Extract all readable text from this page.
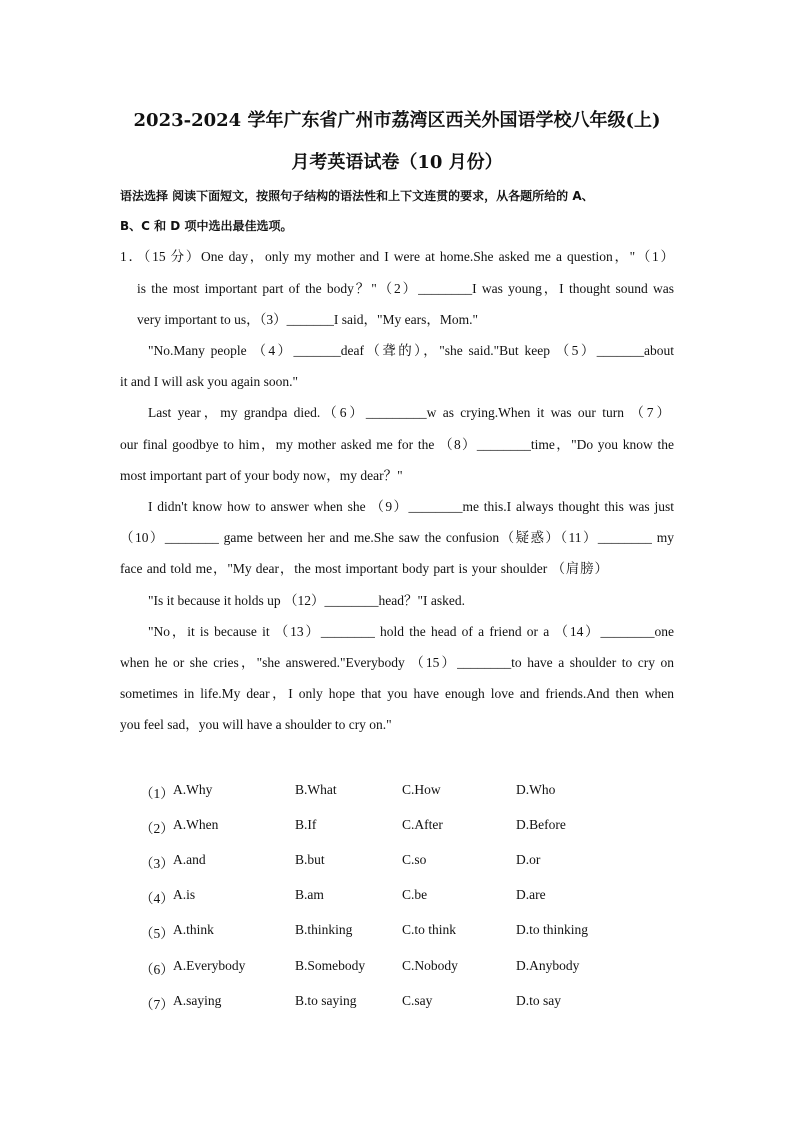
2023-2024 学年广东省广州市荔湾区西关外国语学校八年级(上)
月考英语试卷（10 月份）
语法选择 阅读下面短文，按照句子结构的语法性和上下文连贯的要求，从各题所给的 A、
B、C 和 D 项中选出最佳选项。
1．（15 分）One day，only my mother and I were at home.She asked me a question，"（1）
is the most important part of the body？"（2）________I was young，I thought sound was
very important to us，（3）_______I said，"My ears，Mom."
"No.Many people （4）_______deaf（聋的），"she said."But keep （5）_______about
it and I will ask you again soon."
Last year，my grandpa died.（6）_________w as crying.When it was our turn （7）
our final goodbye to him，my mother asked me for the （8）________time，"Do you know the
most important part of your body now，my dear？"
I didn't know how to answer when she （9）________me this.I always thought this was just
（10）________ game between her and me.She saw the confusion（疑惑）（11）________ my
face and told me，"My dear，the most important body part is your shoulder （肩膀）
"Is it because it holds up （12）________head？"I asked.
"No，it is because it （13）________ hold the head of a friend or a （14）________one
when he or she cries，"she answered."Everybody （15）________to have a shoulder to cry on
sometimes in life.My dear，I only hope that you have enough love and friends.And then when
you feel sad，you will have a shoulder to cry on."
（1） A.Why	B.What	C.How	D.Who
（2） A.When	B.If	C.After	D.Before
（3） A.and	B.but	C.so	D.or
（4） A.is	B.am	C.be	D.are
（5） A.think	B.thinking	C.to think	D.to thinking
（6） A.Everybody	B.Somebody	C.Nobody	D.Anybody
（7） A.saying	B.to saying	C.say	D.to say
